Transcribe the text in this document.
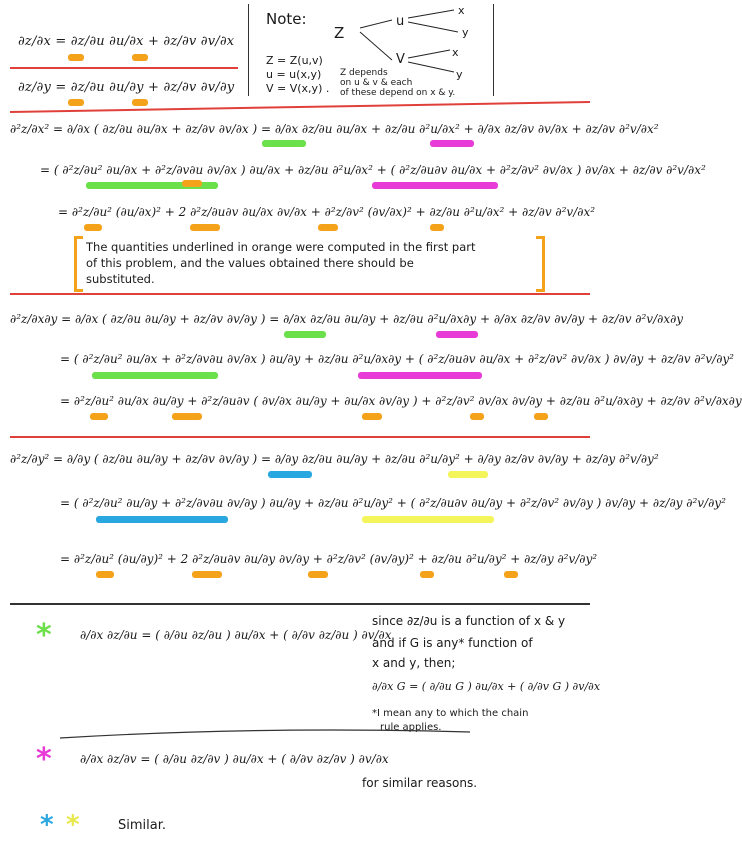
∂z/∂x = ∂z/∂u ∂u/∂x + ∂z/∂v ∂v/∂x
∂z/∂y = ∂z/∂u ∂u/∂y + ∂z/∂v ∂v/∂y
Note:
Z
u
V
x
y
x
y
Z = Z(u,v)
u = u(x,y)
V = V(x,y) .
Z depends
on u & v & each
of these depend on x & y.
∂²z/∂x² = ∂/∂x ( ∂z/∂u ∂u/∂x + ∂z/∂v ∂v/∂x ) = ∂/∂x ∂z/∂u ∂u/∂x + ∂z/∂u ∂²u/∂x² + ∂/∂x ∂z/∂v ∂v/∂x + ∂z/∂v ∂²v/∂x²
= ( ∂²z/∂u² ∂u/∂x + ∂²z/∂v∂u ∂v/∂x ) ∂u/∂x + ∂z/∂u ∂²u/∂x² + ( ∂²z/∂u∂v ∂u/∂x + ∂²z/∂v² ∂v/∂x ) ∂v/∂x + ∂z/∂v ∂²v/∂x²
= ∂²z/∂u² (∂u/∂x)² + 2 ∂²z/∂u∂v ∂u/∂x ∂v/∂x + ∂²z/∂v² (∂v/∂x)² + ∂z/∂u ∂²u/∂x² + ∂z/∂v ∂²v/∂x²
The quantities underlined in orange were computed in the first part
of this problem, and the values obtained there should be
substituted.
∂²z/∂x∂y = ∂/∂x ( ∂z/∂u ∂u/∂y + ∂z/∂v ∂v/∂y ) = ∂/∂x ∂z/∂u ∂u/∂y + ∂z/∂u ∂²u/∂x∂y + ∂/∂x ∂z/∂v ∂v/∂y + ∂z/∂v ∂²v/∂x∂y
= ( ∂²z/∂u² ∂u/∂x + ∂²z/∂v∂u ∂v/∂x ) ∂u/∂y + ∂z/∂u ∂²u/∂x∂y + ( ∂²z/∂u∂v ∂u/∂x + ∂²z/∂v² ∂v/∂x ) ∂v/∂y + ∂z/∂v ∂²v/∂y²
= ∂²z/∂u² ∂u/∂x ∂u/∂y + ∂²z/∂u∂v ( ∂v/∂x ∂u/∂y + ∂u/∂x ∂v/∂y ) + ∂²z/∂v² ∂v/∂x ∂v/∂y + ∂z/∂u ∂²u/∂x∂y + ∂z/∂v ∂²v/∂x∂y
∂²z/∂y² = ∂/∂y ( ∂z/∂u ∂u/∂y + ∂z/∂v ∂v/∂y ) = ∂/∂y ∂z/∂u ∂u/∂y + ∂z/∂u ∂²u/∂y² + ∂/∂y ∂z/∂v ∂v/∂y + ∂z/∂y ∂²v/∂y²
= ( ∂²z/∂u² ∂u/∂y + ∂²z/∂v∂u ∂v/∂y ) ∂u/∂y + ∂z/∂u ∂²u/∂y² + ( ∂²z/∂u∂v ∂u/∂y + ∂²z/∂v² ∂v/∂y ) ∂v/∂y + ∂z/∂y ∂²v/∂y²
= ∂²z/∂u² (∂u/∂y)² + 2 ∂²z/∂u∂v ∂u/∂y ∂v/∂y + ∂²z/∂v² (∂v/∂y)² + ∂z/∂u ∂²u/∂y² + ∂z/∂y ∂²v/∂y²
* ∂/∂x ∂z/∂u = ( ∂/∂u ∂z/∂u ) ∂u/∂x + ( ∂/∂v ∂z/∂u ) ∂v/∂x
since ∂z/∂u is a function of x & y
and if G is any* function of
x and y, then;
∂/∂x G = ( ∂/∂u G ) ∂u/∂x + ( ∂/∂v G ) ∂v/∂x
*I mean any to which the chain
rule applies.
* ∂/∂x ∂z/∂v = ( ∂/∂u ∂z/∂v ) ∂u/∂x + ( ∂/∂v ∂z/∂v ) ∂v/∂x
for similar reasons.
* *	Similar.
